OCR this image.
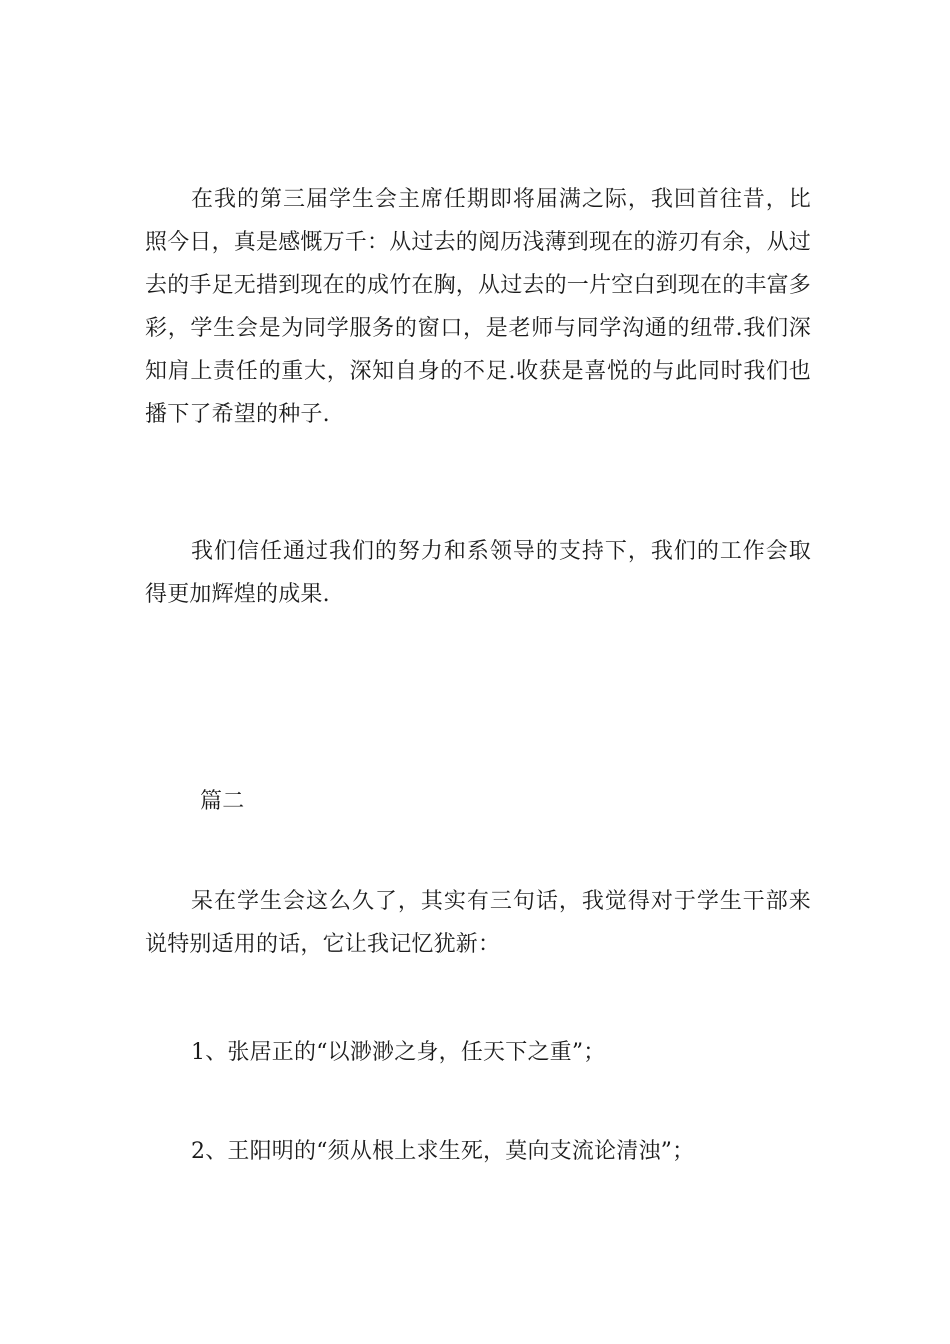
在我的第三届学生会主席任期即将届满之际，我回首往昔，比照今日，真是感慨万千：从过去的阅历浅薄到现在的游刃有余，从过去的手足无措到现在的成竹在胸，从过去的一片空白到现在的丰富多彩，学生会是为同学服务的窗口，是老师与同学沟通的纽带.我们深知肩上责任的重大，深知自身的不足.收获是喜悦的与此同时我们也播下了希望的种子.

我们信任通过我们的努力和系领导的支持下，我们的工作会取得更加辉煌的成果.

篇二

呆在学生会这么久了，其实有三句话，我觉得对于学生干部来说特别适用的话，它让我记忆犹新：

1、张居正的“以渺渺之身，任天下之重”；

2、王阳明的“须从根上求生死，莫向支流论清浊”；
